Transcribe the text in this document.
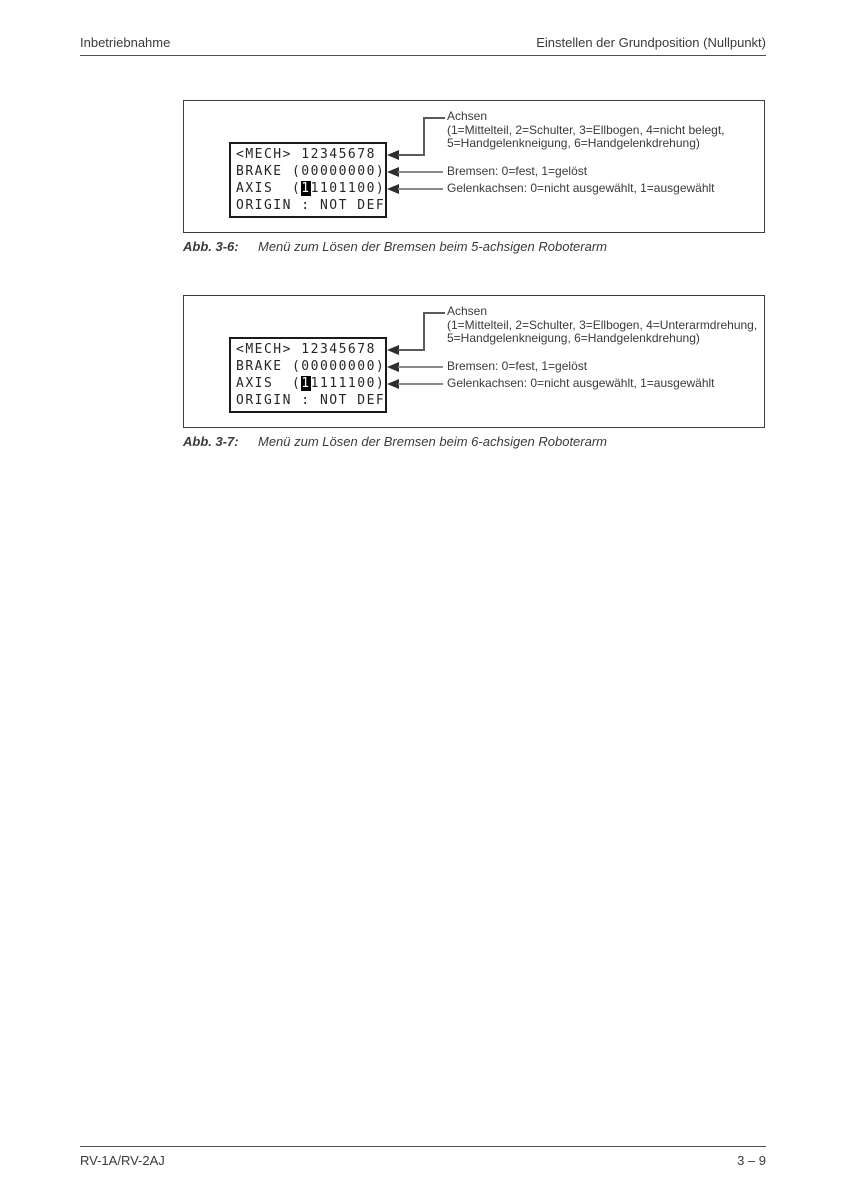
Inbetriebnahme	Einstellen der Grundposition (Nullpunkt)
<MECH> 12345678
BRAKE (00000000)
AXIS  (11101100)
ORIGIN : NOT DEF
Achsen
(1=Mittelteil, 2=Schulter, 3=Ellbogen, 4=nicht belegt,
5=Handgelenkneigung, 6=Handgelenkdrehung)
Bremsen: 0=fest, 1=gelöst
Gelenkachsen: 0=nicht ausgewählt, 1=ausgewählt
Abb. 3-6:	Menü zum Lösen der Bremsen beim 5-achsigen Roboterarm
<MECH> 12345678
BRAKE (00000000)
AXIS  (11111100)
ORIGIN : NOT DEF
Achsen
(1=Mittelteil, 2=Schulter, 3=Ellbogen, 4=Unterarmdrehung,
5=Handgelenkneigung, 6=Handgelenkdrehung)
Bremsen: 0=fest, 1=gelöst
Gelenkachsen: 0=nicht ausgewählt, 1=ausgewählt
Abb. 3-7:	Menü zum Lösen der Bremsen beim 6-achsigen Roboterarm
RV-1A/RV-2AJ	3 – 9
